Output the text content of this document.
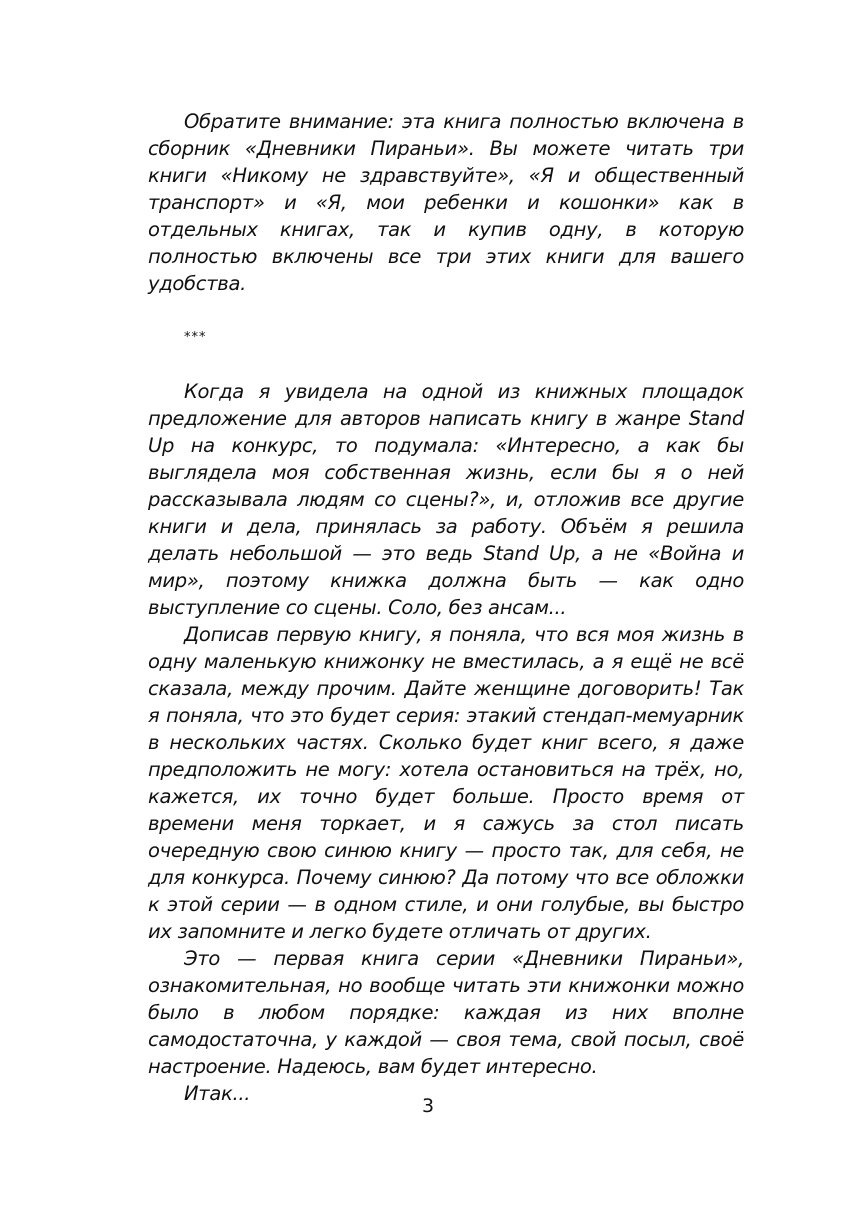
Обратите внимание: эта книга полностью включена в сборник «Дневники Пираньи». Вы можете читать три книги «Никому не здравствуйте», «Я и общественный транспорт» и «Я, мои ребенки и кошонки» как в отдельных книгах, так и купив одну, в которую полностью включены все три этих книги для вашего удобства.

***

Когда я увидела на одной из книжных площадок предложение для авторов написать книгу в жанре Stand Up на конкурс, то подумала: «Интересно, а как бы выглядела моя собственная жизнь, если бы я о ней рассказывала людям со сцены?», и, отложив все другие книги и дела, принялась за работу. Объём я решила делать небольшой — это ведь Stand Up, а не «Война и мир», поэтому книжка должна быть — как одно выступление со сцены. Соло, без ансам...

Дописав первую книгу, я поняла, что вся моя жизнь в одну маленькую книжонку не вместилась, а я ещё не всё сказала, между прочим. Дайте женщине договорить! Так я поняла, что это будет серия: этакий стендап-мемуарник в нескольких частях. Сколько будет книг всего, я даже предположить не могу: хотела остановиться на трёх, но, кажется, их точно будет больше. Просто время от времени меня торкает, и я сажусь за стол писать очередную свою синюю книгу — просто так, для себя, не для конкурса. Почему синюю? Да потому что все обложки к этой серии — в одном стиле, и они голубые, вы быстро их запомните и легко будете отличать от других.

Это — первая книга серии «Дневники Пираньи», ознакомительная, но вообще читать эти книжонки можно было в любом порядке: каждая из них вполне самодостаточна, у каждой — своя тема, свой посыл, своё настроение. Надеюсь, вам будет интересно.

Итак...

3
